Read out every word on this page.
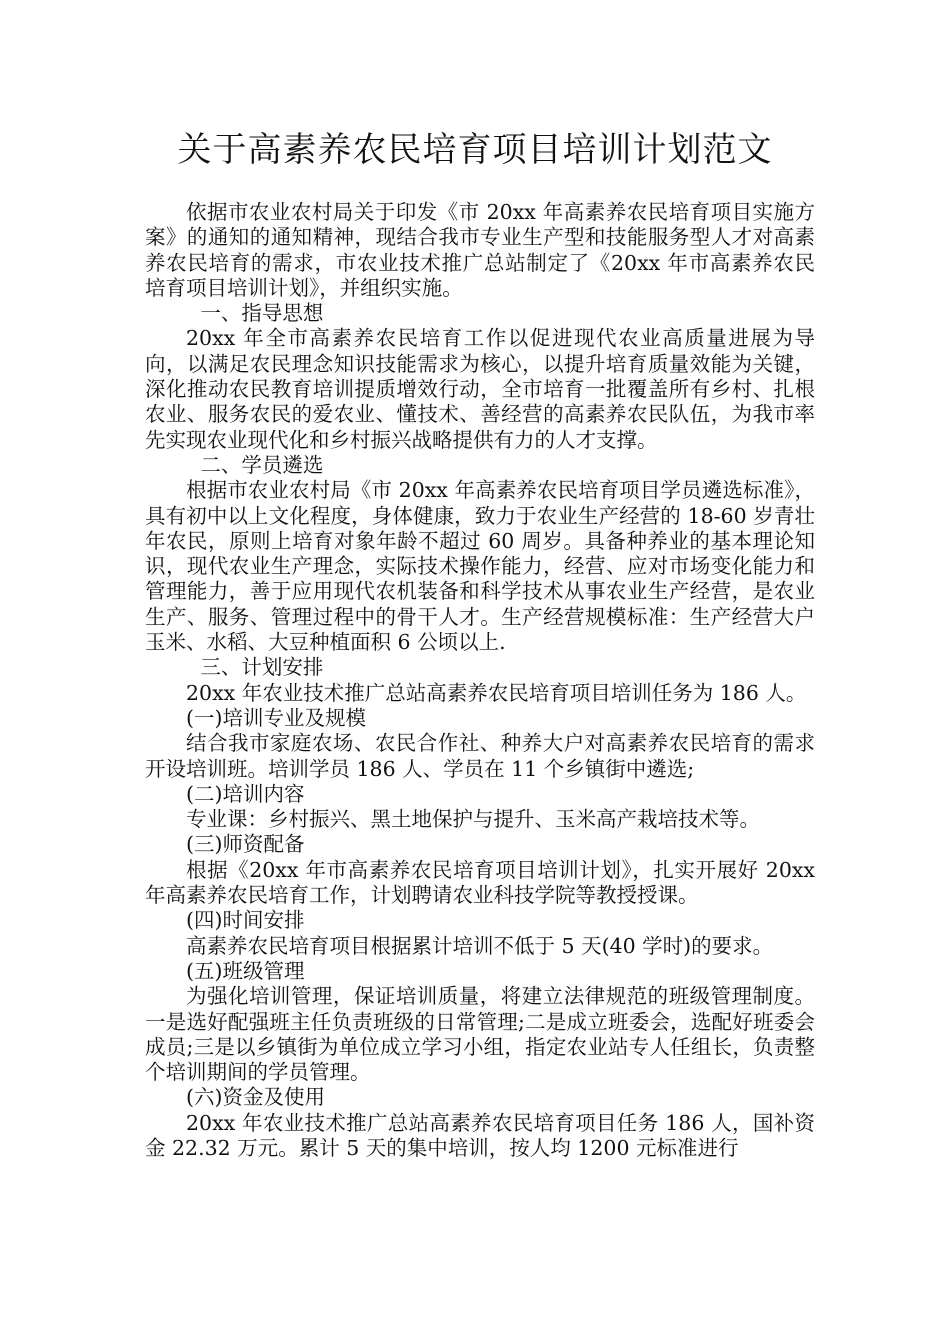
关于高素养农民培育项目培训计划范文

依据市农业农村局关于印发《市 20xx 年高素养农民培育项目实施方案》的通知的通知精神，现结合我市专业生产型和技能服务型人才对高素养农民培育的需求，市农业技术推广总站制定了《20xx 年市高素养农民培育项目培训计划》，并组织实施。

一、指导思想

20xx 年全市高素养农民培育工作以促进现代农业高质量进展为导向，以满足农民理念知识技能需求为核心，以提升培育质量效能为关键，深化推动农民教育培训提质增效行动，全市培育一批覆盖所有乡村、扎根农业、服务农民的爱农业、懂技术、善经营的高素养农民队伍，为我市率先实现农业现代化和乡村振兴战略提供有力的人才支撑。

二、学员遴选

根据市农业农村局《市 20xx 年高素养农民培育项目学员遴选标准》，具有初中以上文化程度，身体健康，致力于农业生产经营的 18-60 岁青壮年农民，原则上培育对象年龄不超过 60 周岁。具备种养业的基本理论知识，现代农业生产理念，实际技术操作能力，经营、应对市场变化能力和管理能力，善于应用现代农机装备和科学技术从事农业生产经营，是农业生产、服务、管理过程中的骨干人才。生产经营规模标准：生产经营大户玉米、水稻、大豆种植面积 6 公顷以上.

三、计划安排

20xx 年农业技术推广总站高素养农民培育项目培训任务为 186 人。

(一)培训专业及规模

结合我市家庭农场、农民合作社、种养大户对高素养农民培育的需求开设培训班。培训学员 186 人、学员在 11 个乡镇街中遴选;

(二)培训内容

专业课：乡村振兴、黑土地保护与提升、玉米高产栽培技术等。

(三)师资配备

根据《20xx 年市高素养农民培育项目培训计划》，扎实开展好 20xx 年高素养农民培育工作，计划聘请农业科技学院等教授授课。

(四)时间安排

高素养农民培育项目根据累计培训不低于 5 天(40 学时)的要求。

(五)班级管理

为强化培训管理，保证培训质量，将建立法律规范的班级管理制度。一是选好配强班主任负责班级的日常管理;二是成立班委会，选配好班委会成员;三是以乡镇街为单位成立学习小组，指定农业站专人任组长，负责整个培训期间的学员管理。

(六)资金及使用

20xx 年农业技术推广总站高素养农民培育项目任务 186 人，国补资金 22.32 万元。累计 5 天的集中培训，按人均 1200 元标准进行
